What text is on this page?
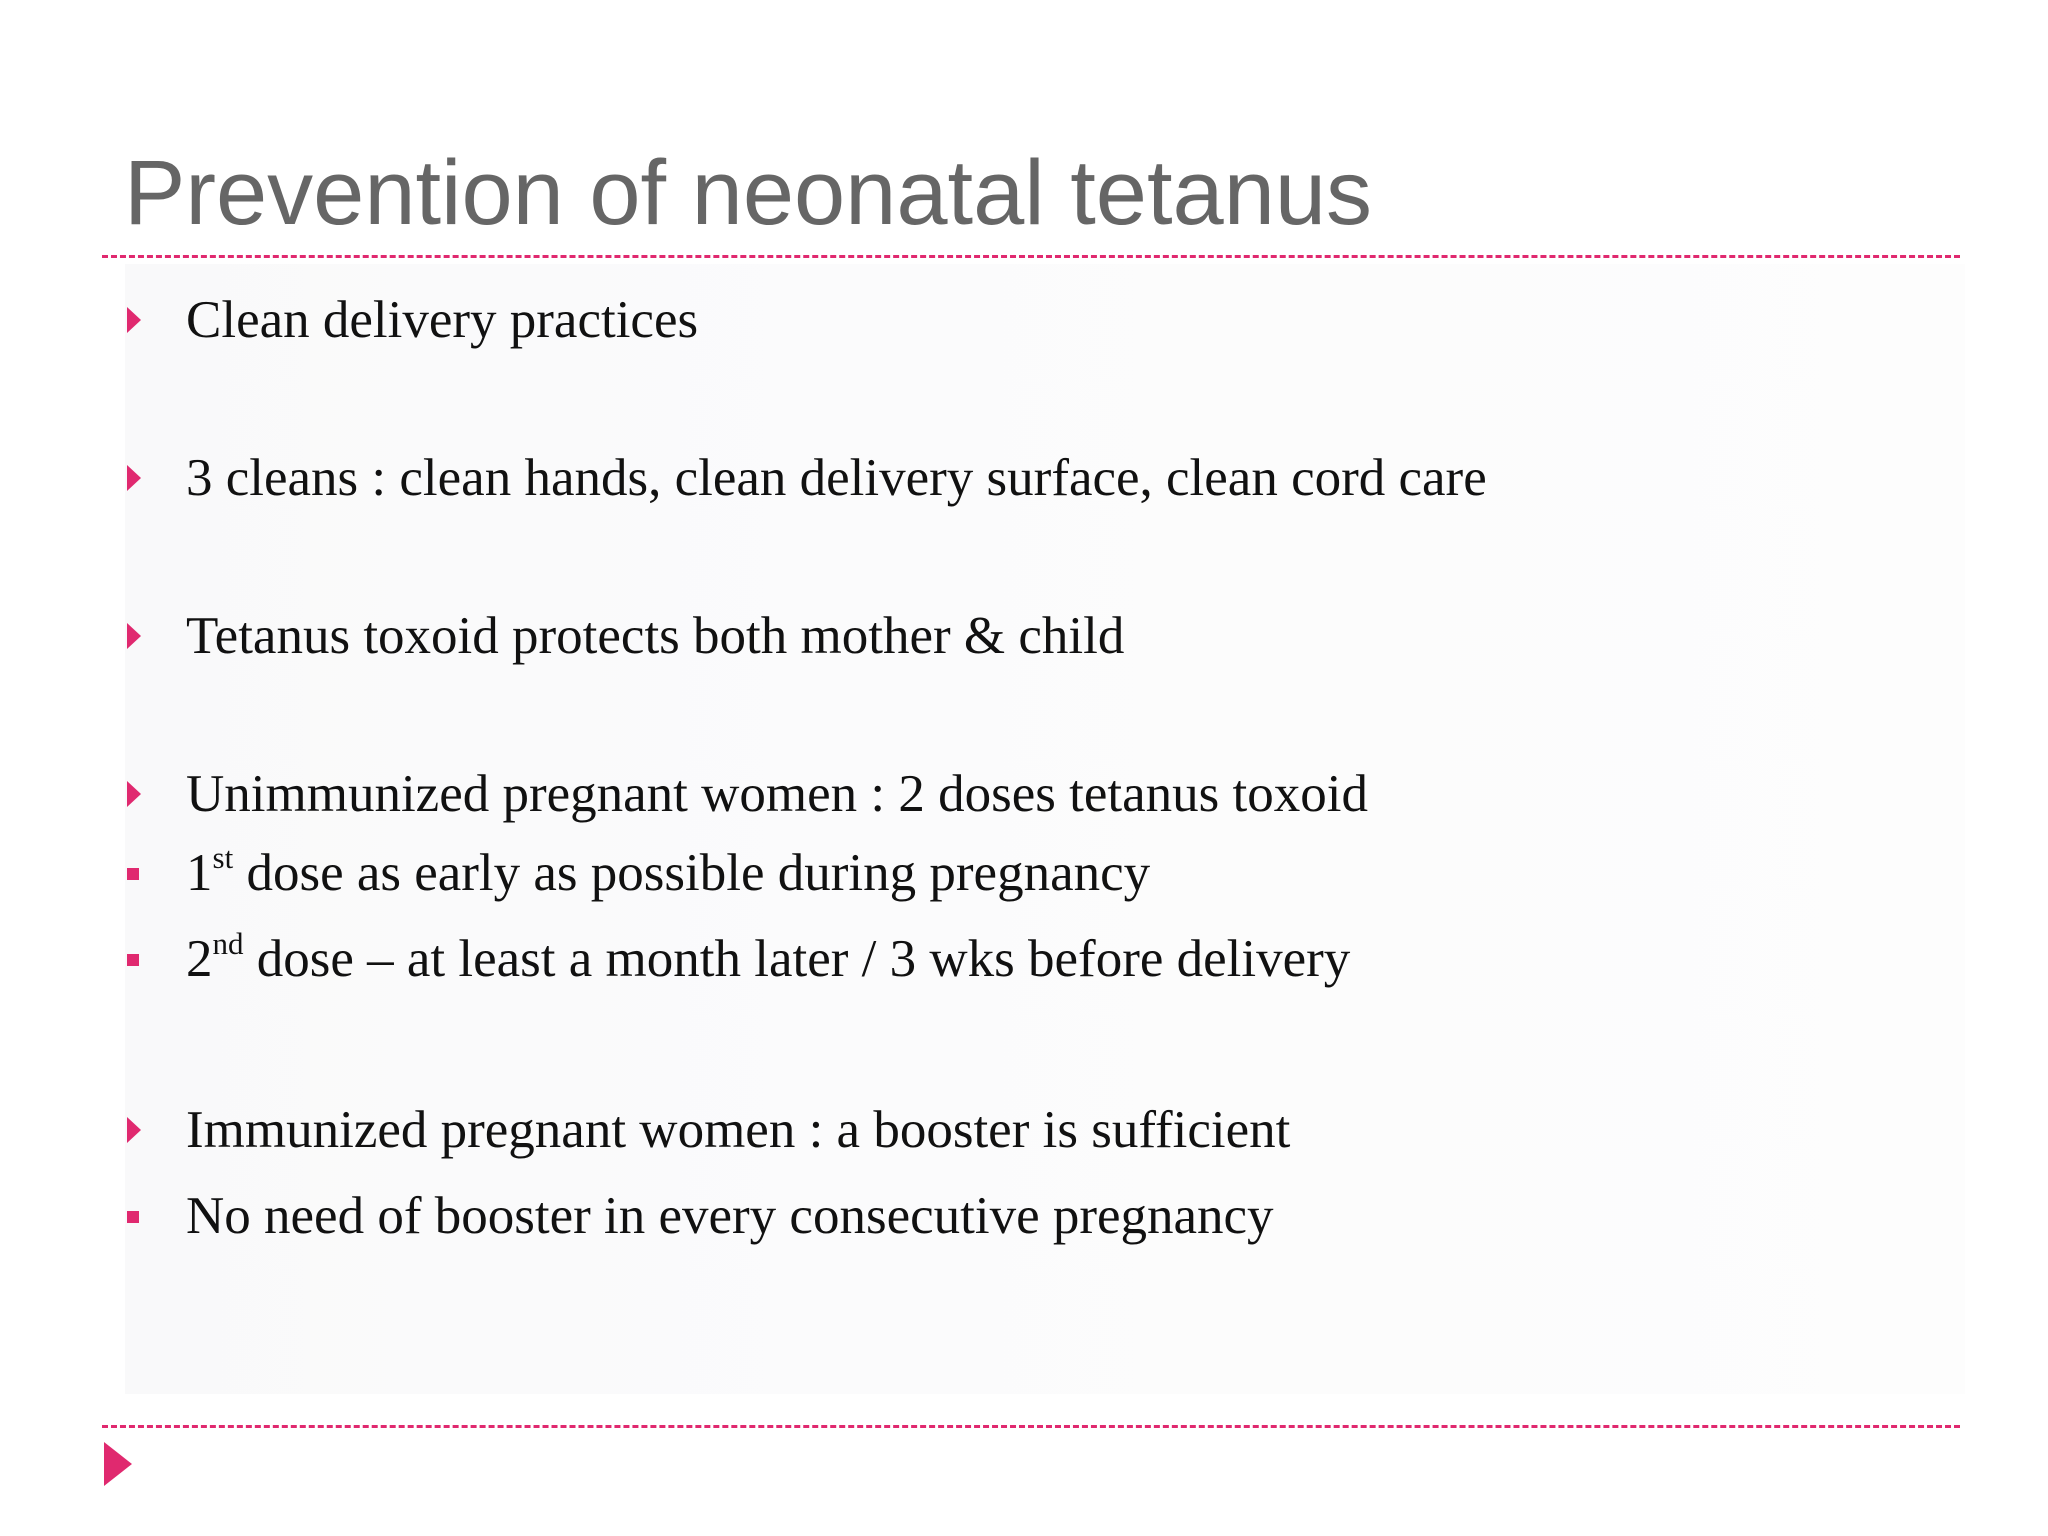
Prevention of neonatal tetanus
Clean delivery practices
3 cleans : clean hands, clean delivery surface, clean cord care
Tetanus toxoid protects both mother & child
Unimmunized pregnant women : 2 doses tetanus toxoid
1st dose as early as possible during pregnancy
2nd dose – at least a month later / 3 wks before delivery
Immunized pregnant women : a booster is sufficient
No need of booster in every consecutive pregnancy
